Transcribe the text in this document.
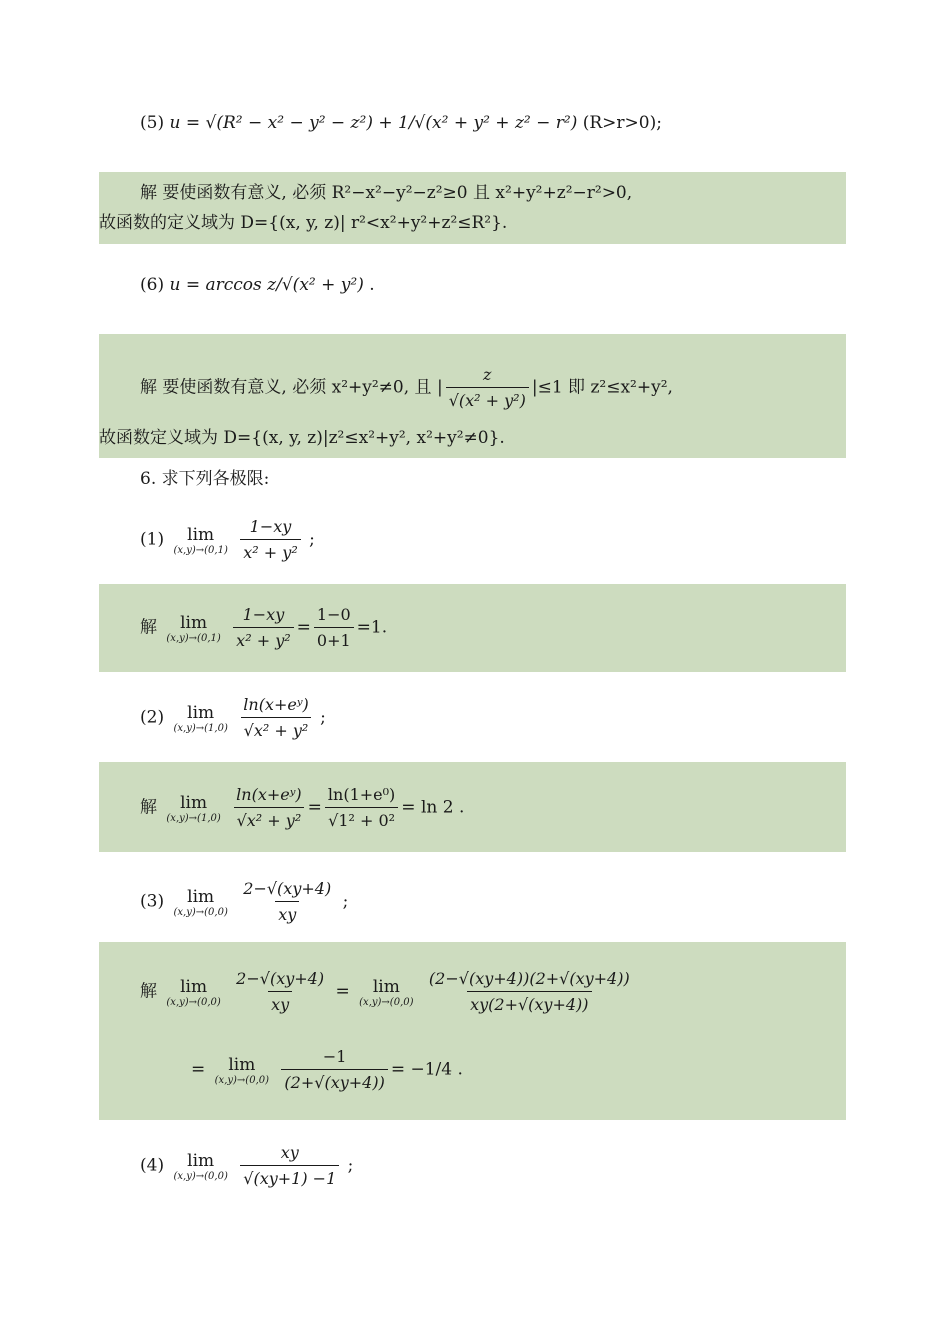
(5) u = √(R² − x² − y² − z²) + 1/√(x² + y² + z² − r²) (R>r>0);
解 要使函数有意义, 必须 R²−x²−y²−z²≥0 且 x²+y²+z²−r²>0,
故函数的定义域为 D={(x, y, z)| r²<x²+y²+z²≤R²}.
(6) u = arccos z/√(x² + y²) .
解 要使函数有意义, 必须 x²+y²≠0, 且 | $\frac{z}{\text{√(x² + y²)}} |\le 1$ 即 z²≤x²+y²,
故函数定义域为 D={(x, y, z)|z²≤x²+y², x²+y²≠0}.
6. 求下列各极限:
(1) lim
(x,y)→(0,1)
$\frac{1-xy}{\text{x² + y²}}$ ;
解 lim
(x,y)→(0,1)
$\frac{1-xy}{\text{x² + y²}} = \frac{1-0}{0+1} =1$.
(2) lim
(x,y)→(1,0)
$\frac{\text{ln(x+eʸ)}}{\text{√x² + y²}}$ ;
解 lim
(x,y)→(1,0)
$\frac{\text{ln(x+eʸ)}}{\text{√x² + y²}} = \frac{\text{ln(1+e⁰)}}{\text{√1² + 0²}} = \ln 2$ .
(3) lim
(x,y)→(0,0)
$\frac{2-√(xy+4)}{xy}$ ;
解 lim
(x,y)→(0,0)
$\frac{2-√(xy+4)}{xy} = \lim$
(x,y)→(0,0)
$\frac{(2-√(xy+4))(2+√(xy+4))}{xy(2+√(xy+4))}$
= lim
(x,y)→(0,0)
$\frac{-1}{(2+√(xy+4))} = -1/4$ .
(4) lim
(x,y)→(0,0)
$\frac{xy}{√(xy+1) -1}$ ;
